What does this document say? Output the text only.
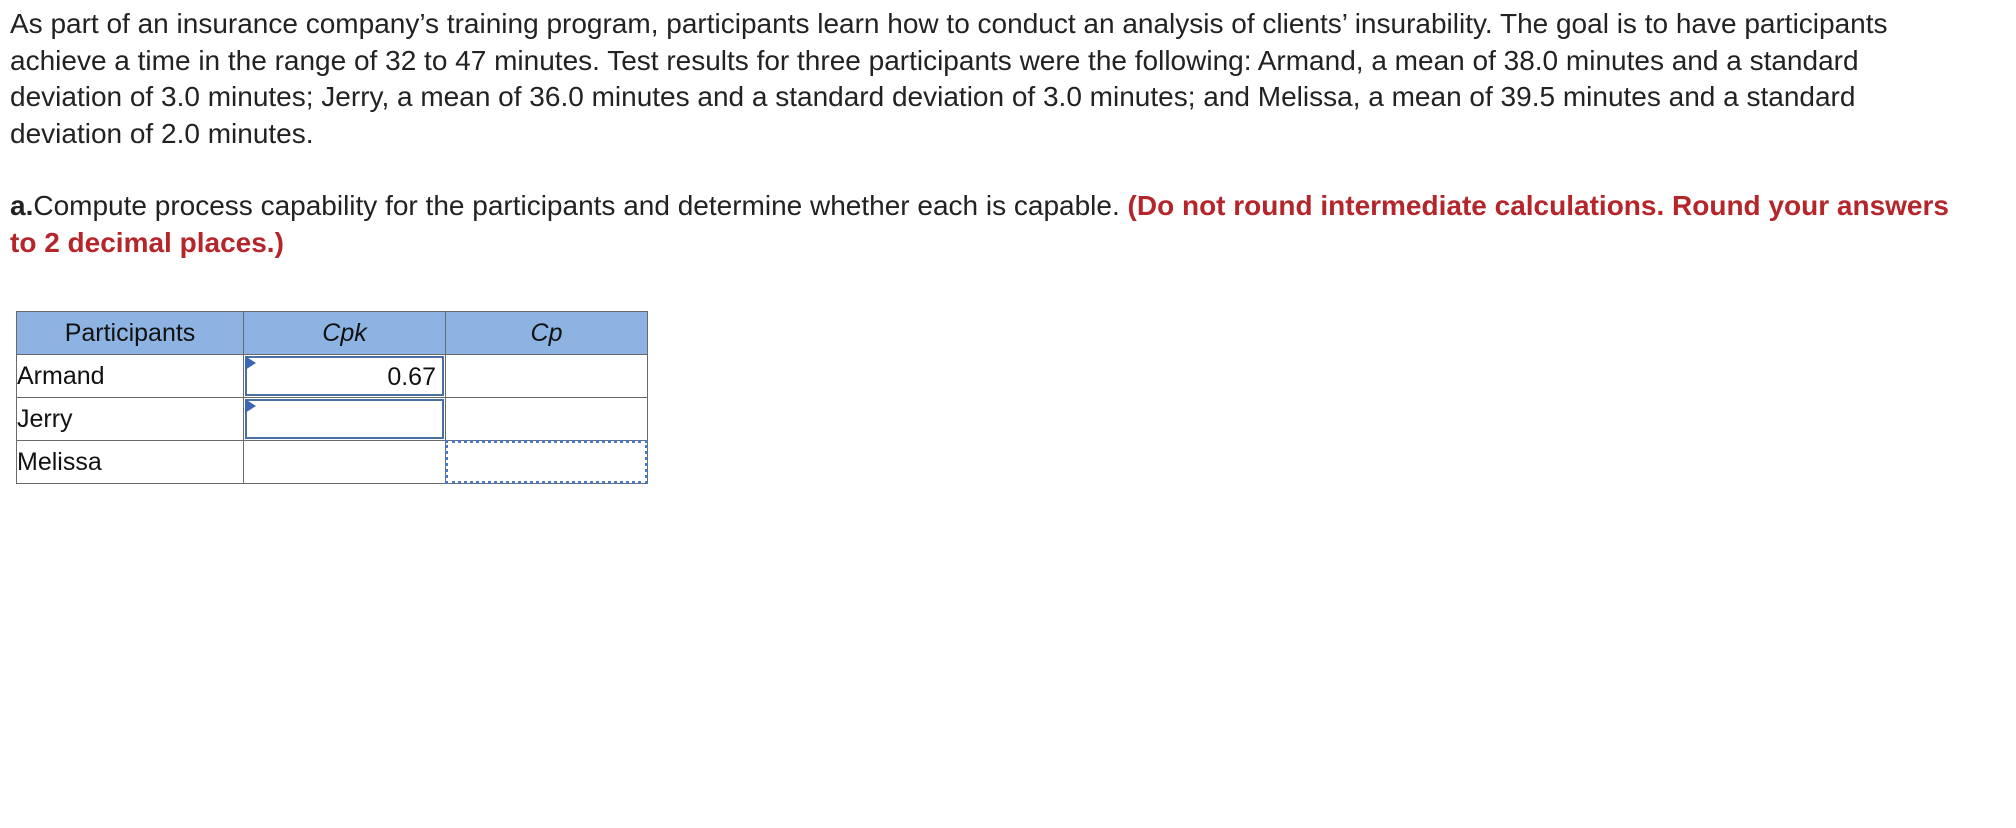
As part of an insurance company’s training program, participants learn how to conduct an analysis of clients’ insurability. The goal is to have participants achieve a time in the range of 32 to 47 minutes. Test results for three participants were the following: Armand, a mean of 38.0 minutes and a standard deviation of 3.0 minutes; Jerry, a mean of 36.0 minutes and a standard deviation of 3.0 minutes; and Melissa, a mean of 39.5 minutes and a standard deviation of 2.0 minutes.

a.Compute process capability for the participants and determine whether each is capable. (Do not round intermediate calculations. Round your answers to 2 decimal places.)

Participants	Cpk	Cp
Armand	0.67	

Jerry	

Melissa		
